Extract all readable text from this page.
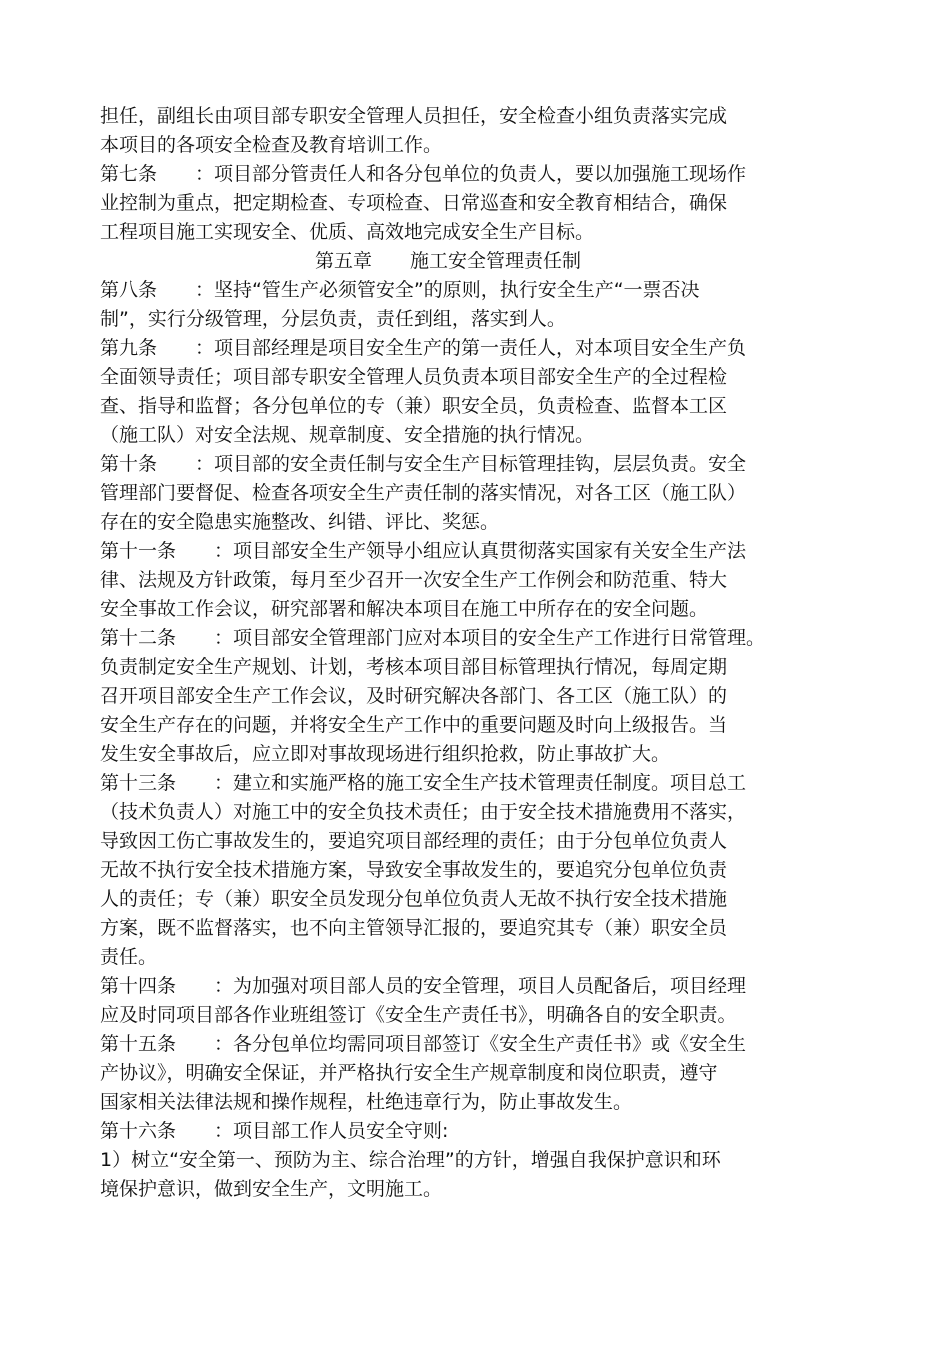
担任，副组长由项目部专职安全管理人员担任，安全检查小组负责落实完成
本项目的各项安全检查及教育培训工作。
第七条　　：项目部分管责任人和各分包单位的负责人，要以加强施工现场作
业控制为重点，把定期检查、专项检查、日常巡查和安全教育相结合，确保
工程项目施工实现安全、优质、高效地完成安全生产目标。
第五章　　施工安全管理责任制
第八条　　：坚持“管生产必须管安全”的原则，执行安全生产“一票否决
制”，实行分级管理，分层负责，责任到组，落实到人。
第九条　　：项目部经理是项目安全生产的第一责任人，对本项目安全生产负
全面领导责任；项目部专职安全管理人员负责本项目部安全生产的全过程检
查、指导和监督；各分包单位的专（兼）职安全员，负责检查、监督本工区
（施工队）对安全法规、规章制度、安全措施的执行情况。
第十条　　：项目部的安全责任制与安全生产目标管理挂钩，层层负责。安全
管理部门要督促、检查各项安全生产责任制的落实情况，对各工区（施工队）
存在的安全隐患实施整改、纠错、评比、奖惩。
第十一条　　：项目部安全生产领导小组应认真贯彻落实国家有关安全生产法
律、法规及方针政策，每月至少召开一次安全生产工作例会和防范重、特大
安全事故工作会议，研究部署和解决本项目在施工中所存在的安全问题。
第十二条　　：项目部安全管理部门应对本项目的安全生产工作进行日常管理。
负责制定安全生产规划、计划，考核本项目部目标管理执行情况，每周定期
召开项目部安全生产工作会议，及时研究解决各部门、各工区（施工队）的
安全生产存在的问题，并将安全生产工作中的重要问题及时向上级报告。当
发生安全事故后，应立即对事故现场进行组织抢救，防止事故扩大。
第十三条　　：建立和实施严格的施工安全生产技术管理责任制度。项目总工
（技术负责人）对施工中的安全负技术责任；由于安全技术措施费用不落实，
导致因工伤亡事故发生的，要追究项目部经理的责任；由于分包单位负责人
无故不执行安全技术措施方案，导致安全事故发生的，要追究分包单位负责
人的责任；专（兼）职安全员发现分包单位负责人无故不执行安全技术措施
方案，既不监督落实，也不向主管领导汇报的，要追究其专（兼）职安全员
责任。
第十四条　　：为加强对项目部人员的安全管理，项目人员配备后，项目经理
应及时同项目部各作业班组签订《安全生产责任书》，明确各自的安全职责。
第十五条　　：各分包单位均需同项目部签订《安全生产责任书》或《安全生
产协议》，明确安全保证，并严格执行安全生产规章制度和岗位职责，遵守
国家相关法律法规和操作规程，杜绝违章行为，防止事故发生。
第十六条　　：项目部工作人员安全守则:
1）树立“安全第一、预防为主、综合治理”的方针，增强自我保护意识和环
境保护意识，做到安全生产，文明施工。
